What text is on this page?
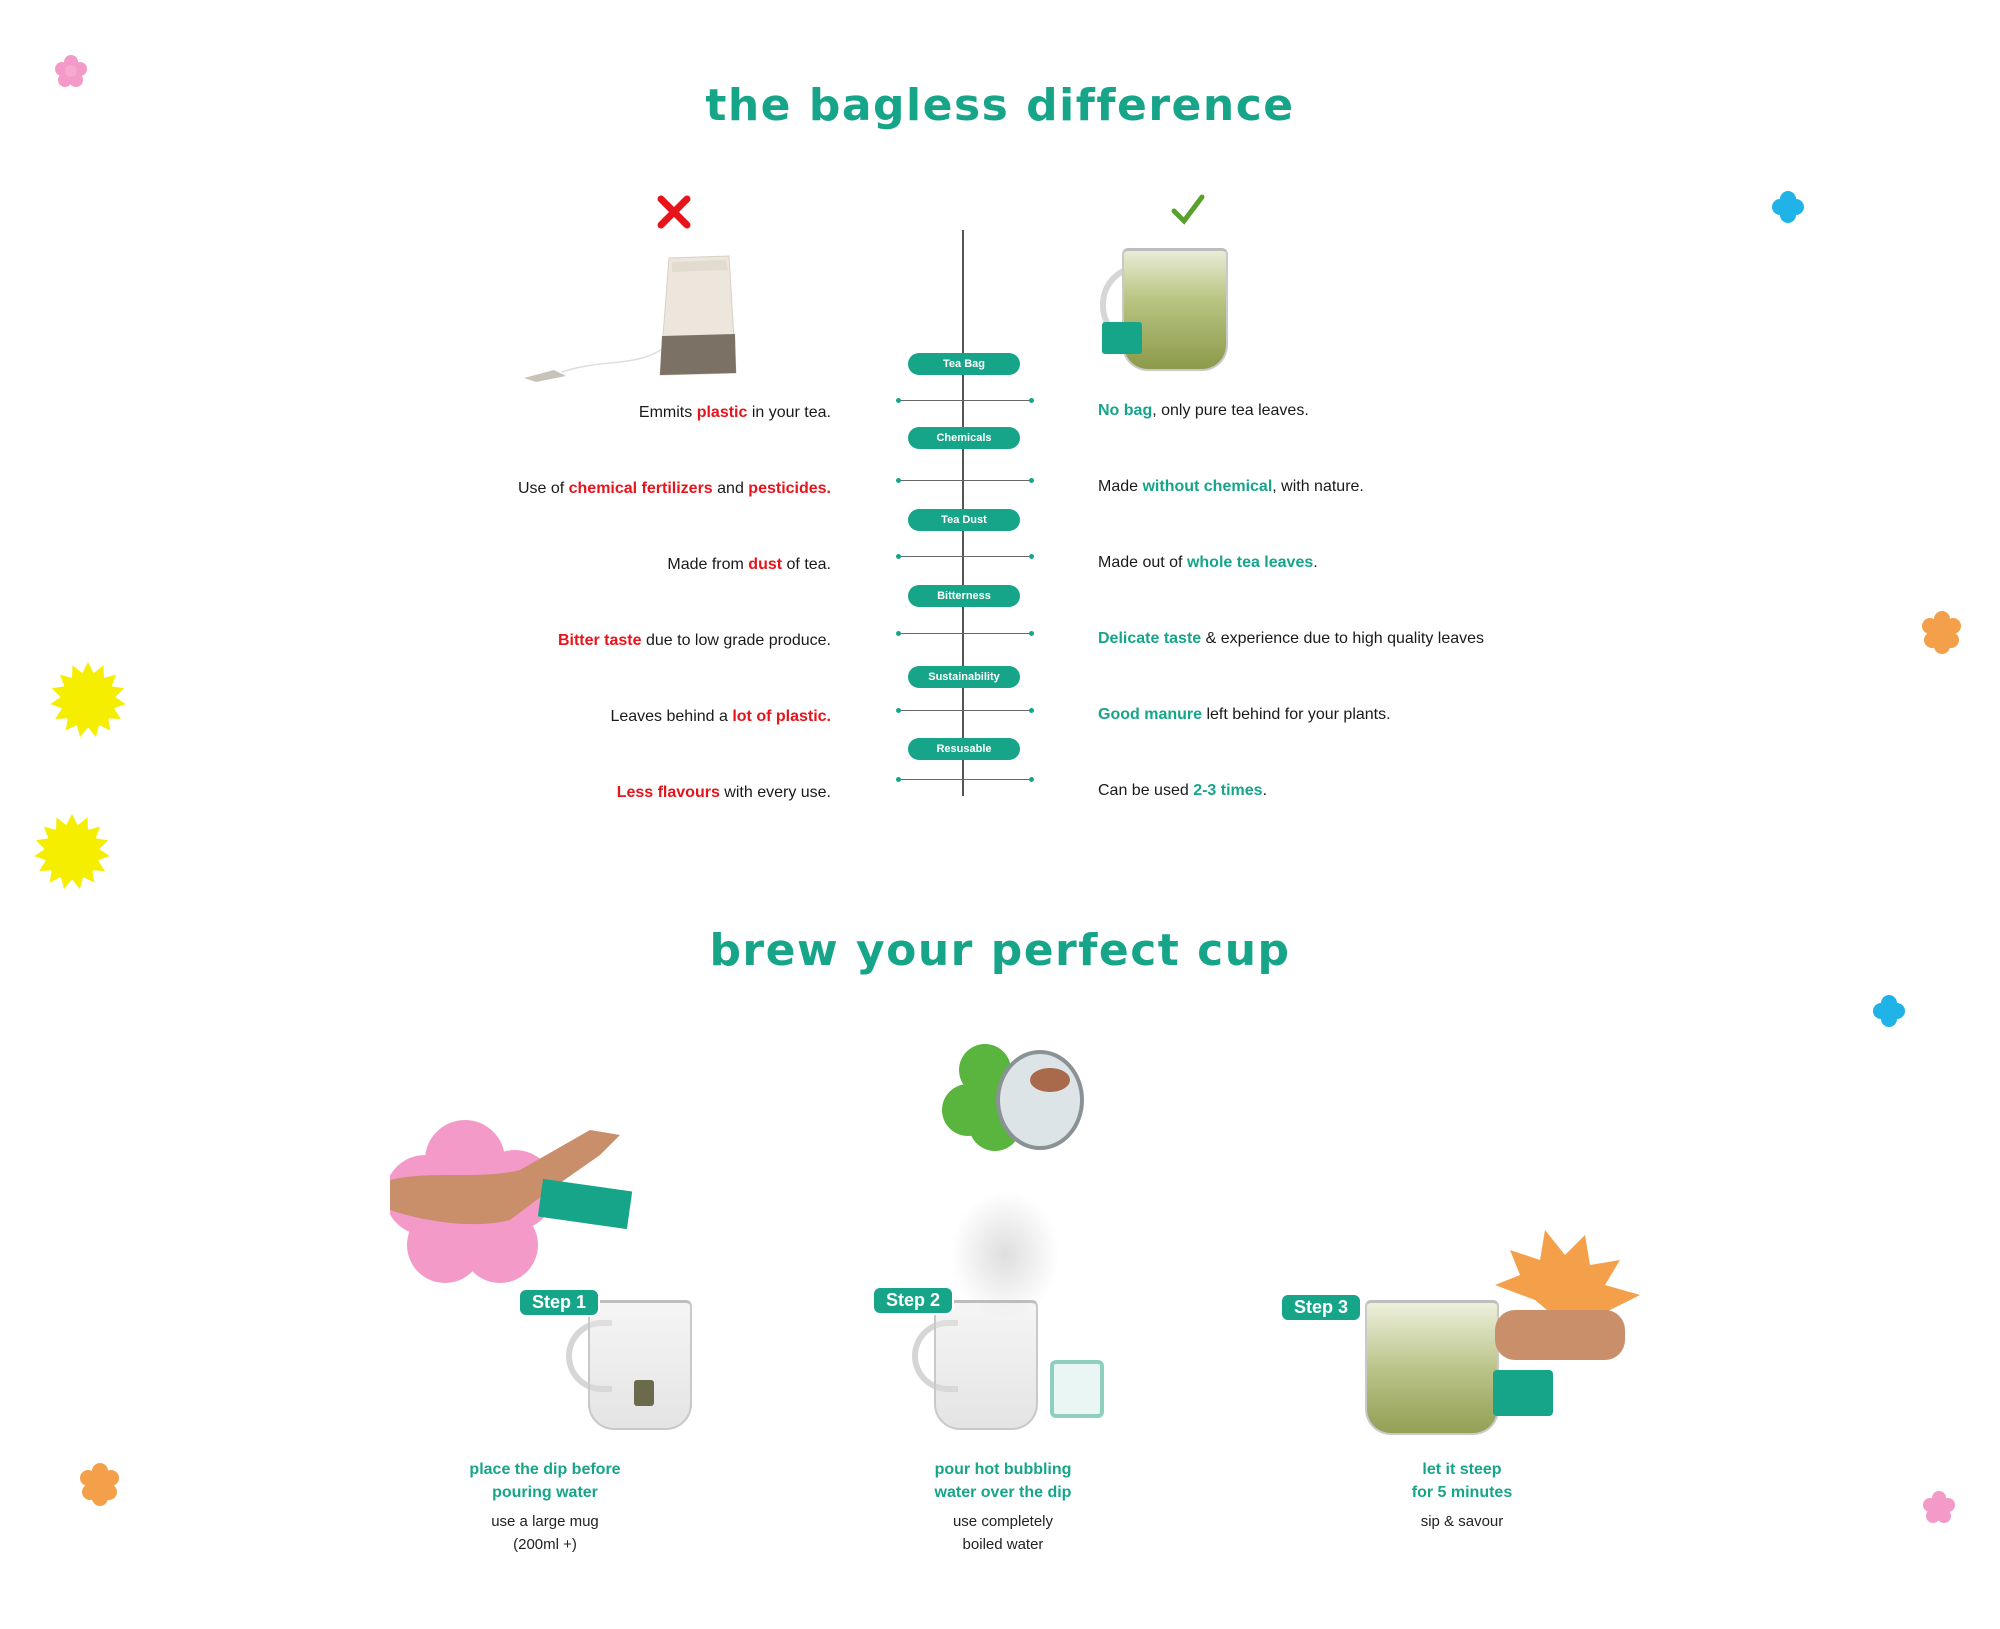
the bagless difference
Tea Bag
Chemicals
Tea Dust
Bitterness
Sustainability
Resusable
Emmits plastic in your tea.
Use of chemical fertilizers and pesticides.
Made from dust of tea.
Bitter taste due to low grade produce.
Leaves behind a lot of plastic.
Less flavours with every use.
No bag, only pure tea leaves.
Made without chemical, with nature.
Made out of whole tea leaves.
Delicate taste & experience due to high quality leaves
Good manure left behind for your plants.
Can be used 2-3 times.
brew your perfect cup
Step 1	Step 2	Step 3
place the dip before
pouring water
use a large mug
(200ml +)
pour hot bubbling
water over the dip
use completely
boiled water
let it steep
for 5 minutes
sip & savour
